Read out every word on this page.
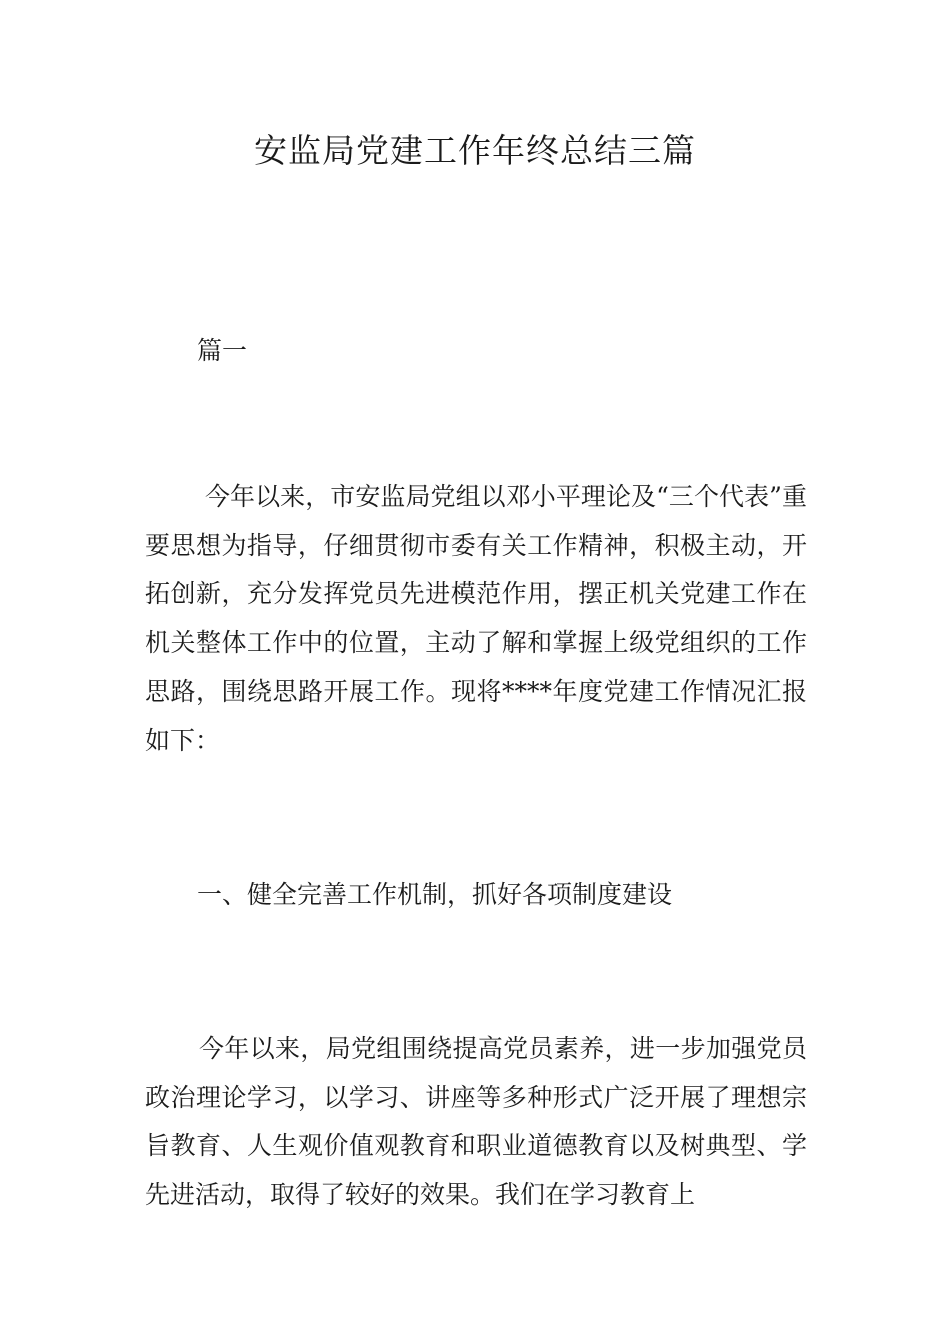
安监局党建工作年终总结三篇

篇一

今年以来，市安监局党组以邓小平理论及“三个代表”重要思想为指导，仔细贯彻市委有关工作精神，积极主动，开拓创新，充分发挥党员先进模范作用，摆正机关党建工作在机关整体工作中的位置，主动了解和掌握上级党组织的工作思路，围绕思路开展工作。现将****年度党建工作情况汇报如下：

一、健全完善工作机制，抓好各项制度建设

今年以来，局党组围绕提高党员素养，进一步加强党员政治理论学习，以学习、讲座等多种形式广泛开展了理想宗旨教育、人生观价值观教育和职业道德教育以及树典型、学先进活动，取得了较好的效果。我们在学习教育上
